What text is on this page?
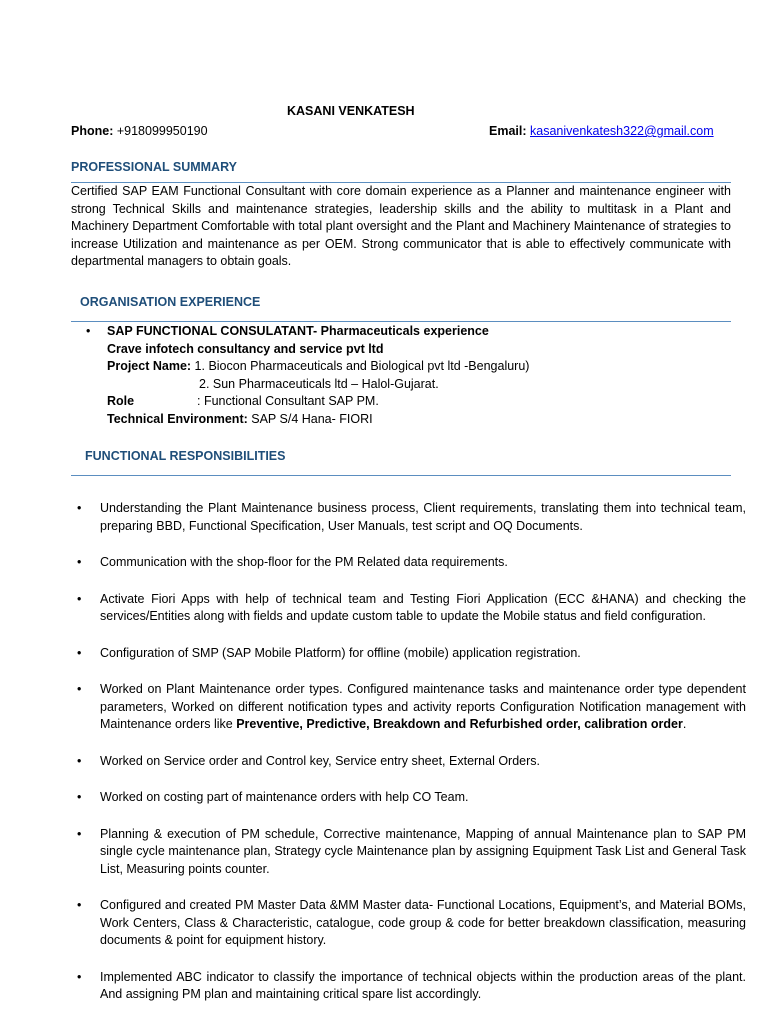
KASANI VENKATESH
Phone: +918099950190	Email: kasanivenkatesh322@gmail.com
PROFESSIONAL SUMMARY
Certified SAP EAM Functional Consultant with core domain experience as a Planner and maintenance engineer with strong Technical Skills and maintenance strategies, leadership skills and the ability to multitask in a Plant and Machinery Department Comfortable with total plant oversight and the Plant and Machinery Maintenance of strategies to increase Utilization and maintenance as per OEM. Strong communicator that is able to effectively communicate with departmental managers to obtain goals.
ORGANISATION EXPERIENCE
•	SAP FUNCTIONAL CONSULATANT- Pharmaceuticals experience
Crave infotech consultancy and service pvt ltd
Project Name: 1. Biocon Pharmaceuticals and Biological pvt ltd -Bengaluru)
2. Sun Pharmaceuticals ltd – Halol-Gujarat.
Role	: Functional Consultant SAP PM.
Technical Environment: SAP S/4 Hana- FIORI
FUNCTIONAL RESPONSIBILITIES
•	Understanding the Plant Maintenance business process, Client requirements, translating them into technical team, preparing BBD, Functional Specification, User Manuals, test script and OQ Documents.
•	Communication with the shop-floor for the PM Related data requirements.
•	Activate Fiori Apps with help of technical team and Testing Fiori Application (ECC &HANA) and checking the services/Entities along with fields and update custom table to update the Mobile status and field configuration.
•	Configuration of SMP (SAP Mobile Platform) for offline (mobile) application registration.
•	Worked on Plant Maintenance order types. Configured maintenance tasks and maintenance order type dependent parameters, Worked on different notification types and activity reports Configuration Notification management with Maintenance orders like Preventive, Predictive, Breakdown and Refurbished order, calibration order.
•	Worked on Service order and Control key, Service entry sheet, External Orders.
•	Worked on costing part of maintenance orders with help CO Team.
•	Planning & execution of PM schedule, Corrective maintenance, Mapping of annual Maintenance plan to SAP PM single cycle maintenance plan, Strategy cycle Maintenance plan by assigning Equipment Task List and General Task List, Measuring points counter.
•	Configured and created PM Master Data &MM Master data- Functional Locations, Equipment’s, and Material BOMs, Work Centers, Class & Characteristic, catalogue, code group & code for better breakdown classification, measuring documents & point for equipment history.
•	Implemented ABC indicator to classify the importance of technical objects within the production areas of the plant. And assigning PM plan and maintaining critical spare list accordingly.
